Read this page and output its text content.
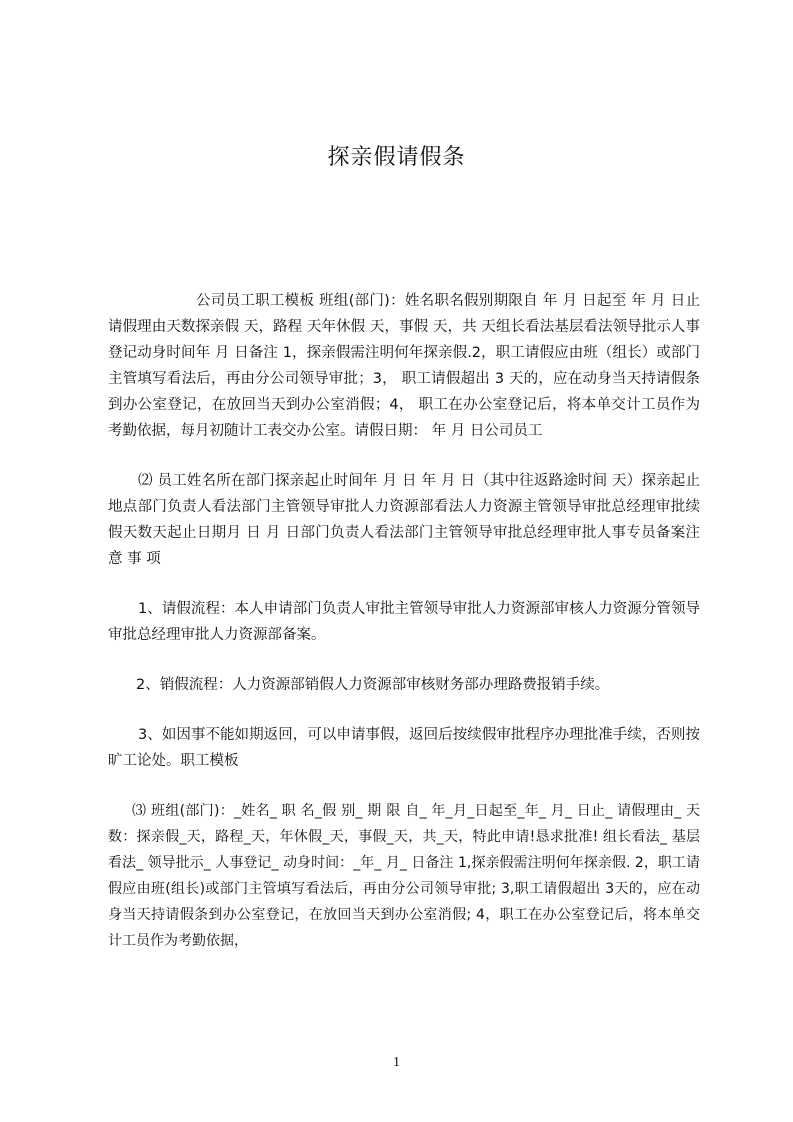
探亲假请假条

公司员工职工模板 班组(部门)：姓名职名假别期限自 年 月 日起至 年 月 日止请假理由天数探亲假 天，路程 天年休假 天，事假 天，共 天组长看法基层看法领导批示人事登记动身时间年 月 日备注 1，探亲假需注明何年探亲假.2，职工请假应由班（组长）或部门主管填写看法后，再由分公司领导审批；3， 职工请假超出 3 天的，应在动身当天持请假条到办公室登记，在放回当天到办公室消假；4， 职工在办公室登记后，将本单交计工员作为考勤依据，每月初随计工表交办公室。请假日期： 年 月 日公司员工

⑵ 员工姓名所在部门探亲起止时间年 月 日 年 月 日（其中往返路途时间 天）探亲起止地点部门负责人看法部门主管领导审批人力资源部看法人力资源主管领导审批总经理审批续假天数天起止日期月 日 月 日部门负责人看法部门主管领导审批总经理审批人事专员备案注 意 事 项

1、请假流程：本人申请部门负责人审批主管领导审批人力资源部审核人力资源分管领导审批总经理审批人力资源部备案。

2、销假流程：人力资源部销假人力资源部审核财务部办理路费报销手续。

3、如因事不能如期返回，可以申请事假，返回后按续假审批程序办理批准手续，否则按旷工论处。职工模板

⑶ 班组(部门)：_姓名_ 职 名_假 别_ 期 限 自_ 年_月_日起至_年_ 月_ 日止_ 请假理由_ 天数：探亲假_天，路程_天，年休假_天，事假_天，共_天，特此申请!恳求批准! 组长看法_ 基层看法_ 领导批示_ 人事登记_ 动身时间：_年_ 月_ 日备注 1,探亲假需注明何年探亲假. 2，职工请假应由班(组长)或部门主管填写看法后，再由分公司领导审批; 3,职工请假超出 3天的，应在动身当天持请假条到办公室登记，在放回当天到办公室消假; 4，职工在办公室登记后，将本单交计工员作为考勤依据，

1
